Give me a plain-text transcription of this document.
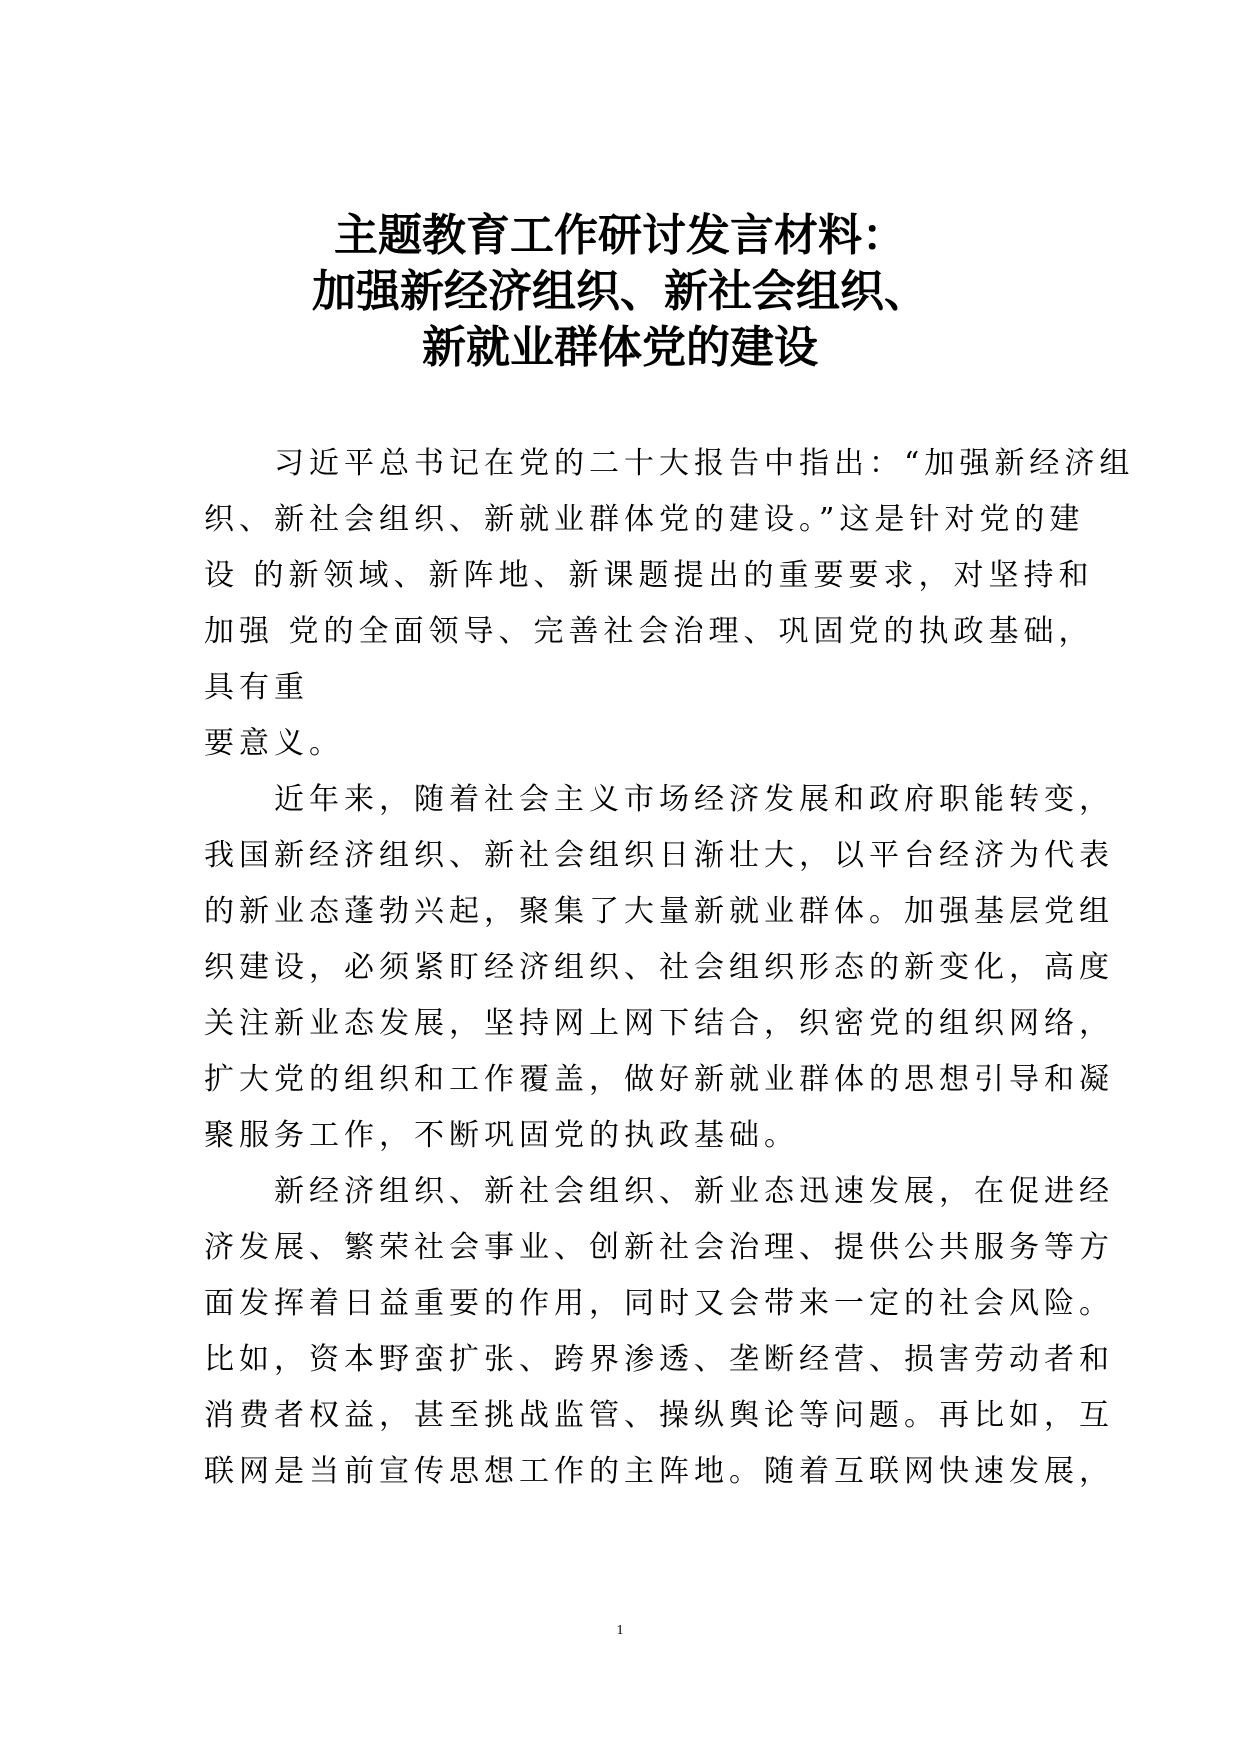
主题教育工作研讨发言材料：
加强新经济组织、新社会组织、
新就业群体党的建设
　　习近平总书记在党的二十大报告中指出：“加强新经济组
织、新社会组织、新就业群体党的建设。”这是针对党的建
设 的新领域、新阵地、新课题提出的重要要求，对坚持和
加强 党的全面领导、完善社会治理、巩固党的执政基础，
具有重
要意义。
　　近年来，随着社会主义市场经济发展和政府职能转变，
我国新经济组织、新社会组织日渐壮大，以平台经济为代表
的新业态蓬勃兴起，聚集了大量新就业群体。加强基层党组
织建设，必须紧盯经济组织、社会组织形态的新变化，高度
关注新业态发展，坚持网上网下结合，织密党的组织网络，
扩大党的组织和工作覆盖，做好新就业群体的思想引导和凝
聚服务工作，不断巩固党的执政基础。
　　新经济组织、新社会组织、新业态迅速发展，在促进经
济发展、繁荣社会事业、创新社会治理、提供公共服务等方
面发挥着日益重要的作用，同时又会带来一定的社会风险。
比如，资本野蛮扩张、跨界渗透、垄断经营、损害劳动者和
消费者权益，甚至挑战监管、操纵舆论等问题。再比如，互
联网是当前宣传思想工作的主阵地。随着互联网快速发展，
1
